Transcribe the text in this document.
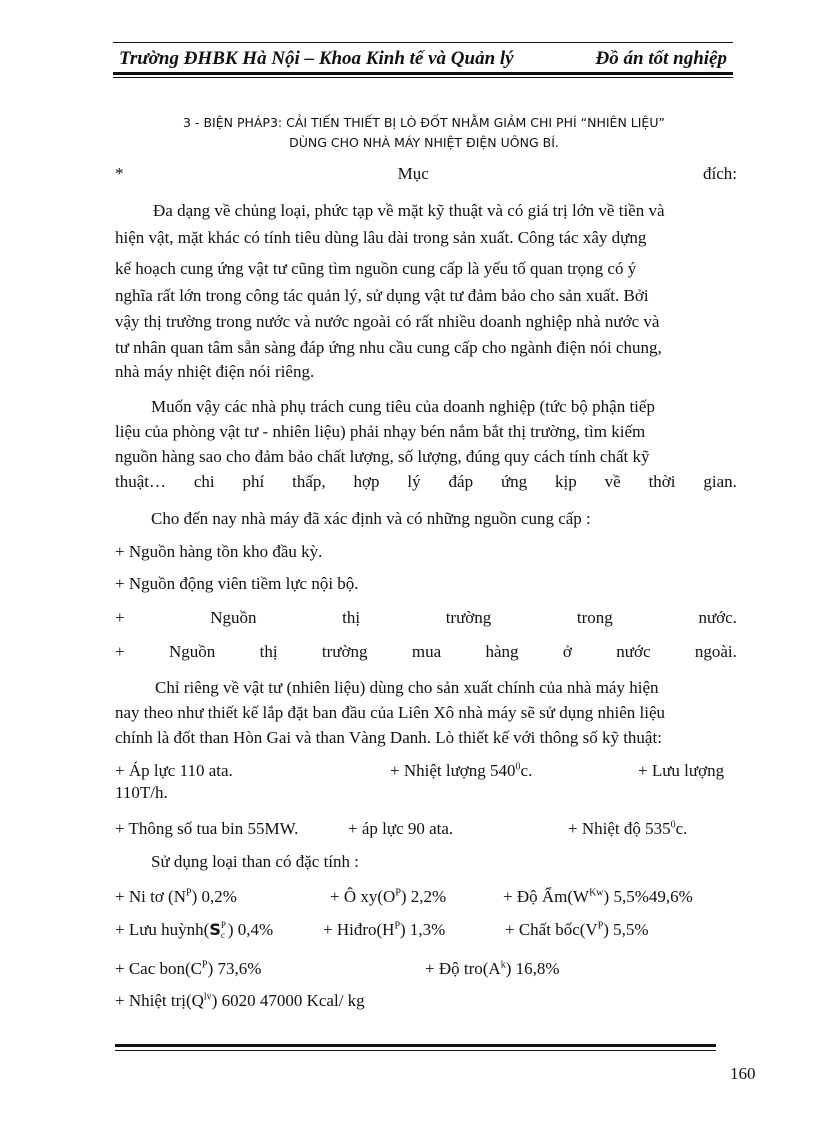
Trường ĐHBK Hà Nội – Khoa Kinh tế và Quản lý	Đồ án tốt nghiệp
3 - BIỆN PHÁP3: CẢI TIẾN THIẾT BỊ LÒ ĐỐT NHẰM GIẢM CHI PHÍ “NHIÊN LIỆU”
DÙNG CHO NHÀ MÁY NHIỆT ĐIỆN UÔNG BÍ.
*	Mục	đích:
Đa dạng về chủng loại, phức tạp về mặt kỹ thuật và có giá trị lớn về tiền và
hiện vật, mặt khác có tính tiêu dùng lâu dài trong sản xuất. Công tác xây dựng
kế hoạch cung ứng vật tư cũng tìm nguồn cung cấp là yếu tố quan trọng có ý
nghĩa rất lớn trong công tác quản lý, sử dụng vật tư đảm bảo cho sản xuất. Bởi
vậy thị trường trong nước và nước ngoài có rất nhiều doanh nghiệp nhà nước và
tư nhân quan tâm sẵn sàng đáp ứng nhu cầu cung cấp cho ngành điện nói chung,
nhà máy nhiệt điện nói riêng.
Muốn vậy các nhà phụ trách cung tiêu của doanh nghiệp (tức bộ phận tiếp
liệu của phòng vật tư - nhiên liệu) phải nhạy bén nắm bắt thị trường, tìm kiếm
nguồn hàng sao cho đảm bảo chất lượng, số lượng, đúng quy cách tính chất kỹ
thuật… chi phí thấp, hợp lý đáp ứng kịp về thời gian.
Cho đến nay nhà máy đã xác định và có những nguồn cung cấp :
+ Nguồn hàng tồn kho đầu kỳ.
+ Nguồn động viên tiềm lực nội bộ.
+	Nguồn	thị	trường	trong	nước.
+	Nguồn	thị	trường	mua	hàng	ở	nước	ngoài.
Chỉ riêng về vật tư (nhiên liệu) dùng cho sản xuất chính của nhà máy hiện
nay theo như thiết kế lắp đặt ban đầu của Liên Xô nhà máy sẽ sử dụng nhiên liệu
chính là đốt than Hòn Gai và than Vàng Danh. Lò thiết kế với thông số kỹ thuật:
+ Áp lực 110 ata.	+ Nhiệt lượng $540^0c$.	+ Lưu lượng
110T/h.
+ Thông số tua bin 55MW.	+ áp lực 90 ata.	+ Nhiệt độ $535^0c$.
Sử dụng loại than có đặc tính :
+ Ni tơ $(N^P)$ 0,2%	+ Ô $xy(O^P)$ 2,2%	+ Độ $Ẩm(W^{Kw})$ 5,5%49,6%
+ Lưu huỳnh(S P
c ) 0,4%	+ $Hiđro(H^P)$ 1,3%	+ Chất $bốc(V^P)$ 5,5%
+ Cac $bon(C^P)$ 73,6%	+ Độ $tro(A^k)$ 16,8%
+ Nhiệt $trị(Q^{lv})$ 6020 47000 Kcal/ kg
160
